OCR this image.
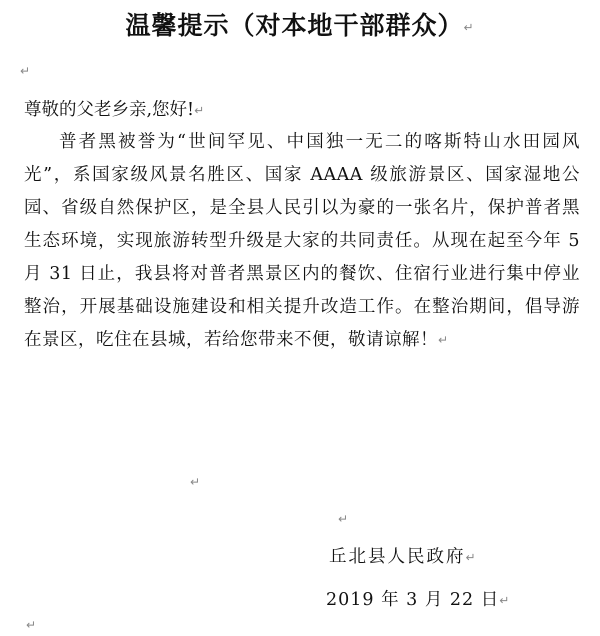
温馨提示（对本地干部群众）↵
↵
尊敬的父老乡亲,您好!↵
普者黑被誉为“世间罕见、中国独一无二的喀斯特山水田园风光”，系国家级风景名胜区、国家 AAAA 级旅游景区、国家湿地公园、省级自然保护区，是全县人民引以为豪的一张名片，保护普者黑生态环境，实现旅游转型升级是大家的共同责任。从现在起至今年 5 月 31 日止，我县将对普者黑景区内的餐饮、住宿行业进行集中停业整治，开展基础设施建设和相关提升改造工作。在整治期间，倡导游在景区，吃住在县城，若给您带来不便，敬请谅解！↵
↵
↵
丘北县人民政府↵
2019 年 3 月 22 日↵
↵
